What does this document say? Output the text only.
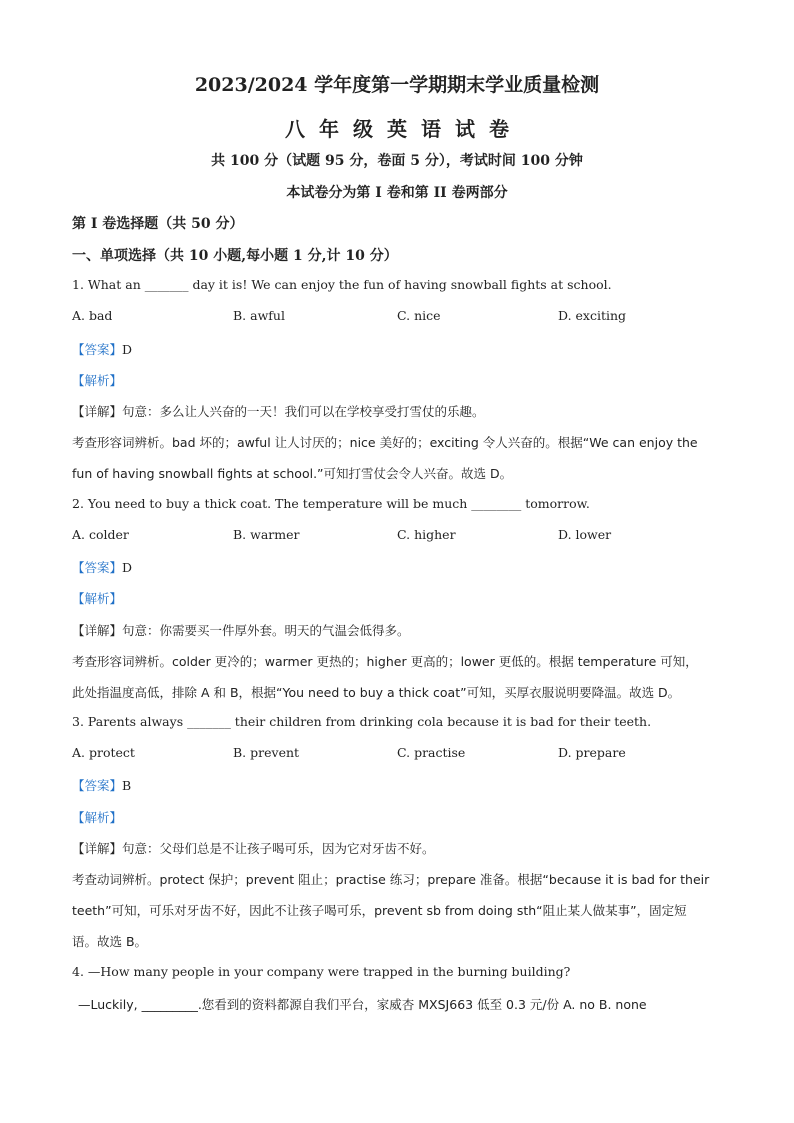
2023/2024 学年度第一学期期末学业质量检测
八年级英语试卷
共 100 分（试题 95 分，卷面 5 分），考试时间 100 分钟
本试卷分为第 I 卷和第 II 卷两部分
第 I 卷选择题（共 50 分）
一、单项选择（共 10 小题,每小题 1 分,计 10 分）
1. What an _______ day it is! We can enjoy the fun of having snowball fights at school.
A. bad	B. awful	C. nice	D. exciting
【答案】D
【解析】
【详解】句意：多么让人兴奋的一天！我们可以在学校享受打雪仗的乐趣。
考查形容词辨析。bad 坏的；awful 让人讨厌的；nice 美好的；exciting 令人兴奋的。根据“We can enjoy the
fun of having snowball fights at school.”可知打雪仗会令人兴奋。故选 D。
2. You need to buy a thick coat. The temperature will be much ________ tomorrow.
A. colder	B. warmer	C. higher	D. lower
【答案】D
【解析】
【详解】句意：你需要买一件厚外套。明天的气温会低得多。
考查形容词辨析。colder 更冷的；warmer 更热的；higher 更高的；lower 更低的。根据 temperature 可知，
此处指温度高低，排除 A 和 B，根据“You need to buy a thick coat”可知，买厚衣服说明要降温。故选 D。
3. Parents always _______ their children from drinking cola because it is bad for their teeth.
A. protect	B. prevent	C. practise	D. prepare
【答案】B
【解析】
【详解】句意：父母们总是不让孩子喝可乐，因为它对牙齿不好。
考查动词辨析。protect 保护；prevent 阻止；practise 练习；prepare 准备。根据“because it is bad for their
teeth”可知，可乐对牙齿不好，因此不让孩子喝可乐，prevent sb from doing sth“阻止某人做某事”，固定短
语。故选 B。
4. —How many people in your company were trapped in the burning building?
—Luckily, _________.您看到的资料都源自我们平台，家威杏 MXSJ663 低至 0.3 元/份 A. no B. none
